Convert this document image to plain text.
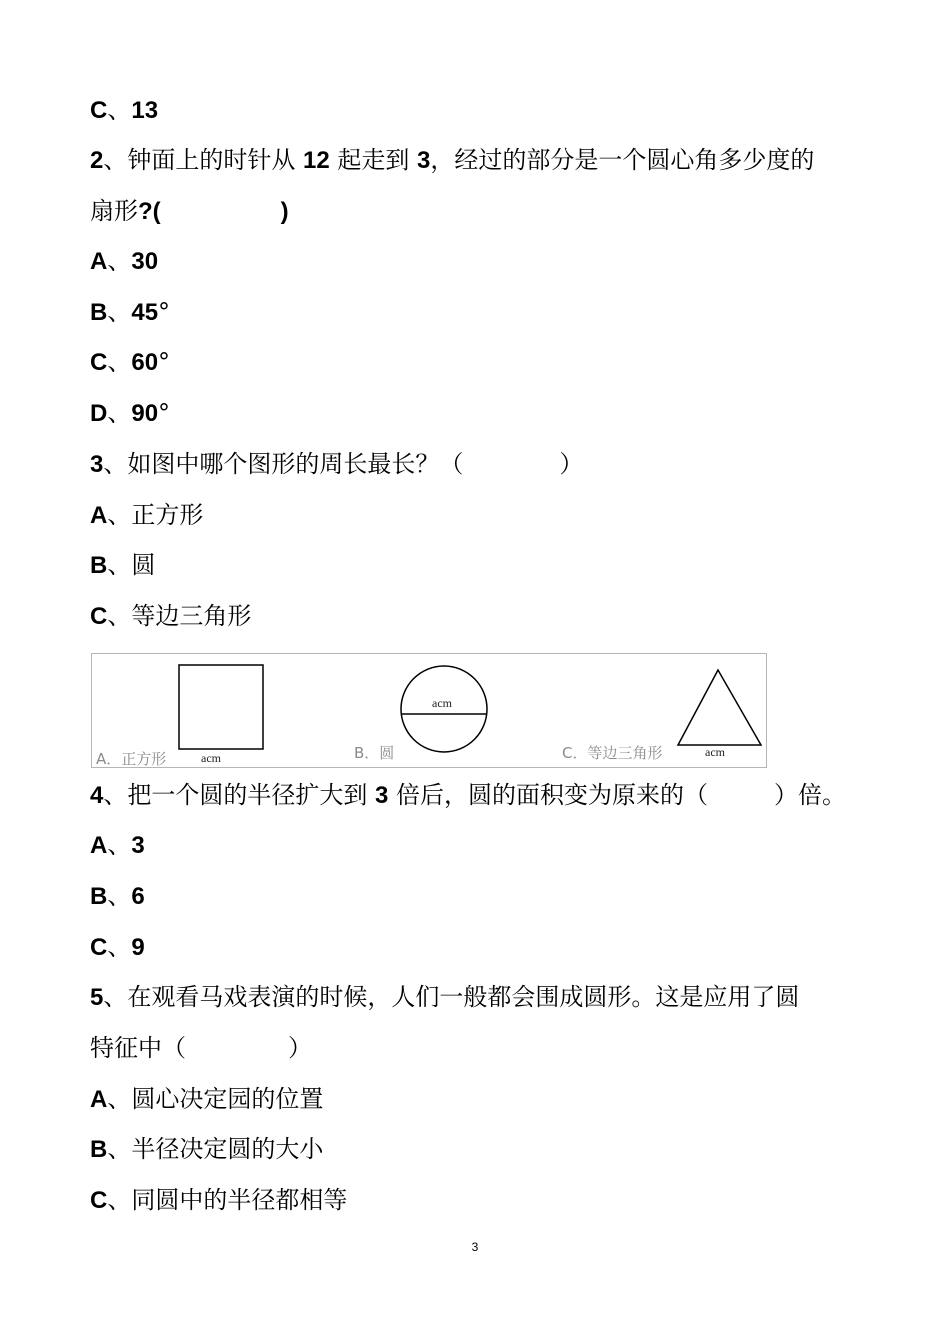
C、13
2、钟面上的时针从 12 起走到 3，经过的部分是一个圆心角多少度的
扇形?(	)
A、30
B、45°
C、60°
D、90°
3、如图中哪个图形的周长最长？（	）
A、正方形
B、圆
C、等边三角形
A．正方形	acm	B．圆
acm
C．等边三角形	acm
4、把一个圆的半径扩大到 3 倍后，圆的面积变为原来的（	）倍。
A、3
B、6
C、9
5、在观看马戏表演的时候，人们一般都会围成圆形。这是应用了圆
特征中（	）
A、圆心决定园的位置
B、半径决定圆的大小
C、同圆中的半径都相等
3
